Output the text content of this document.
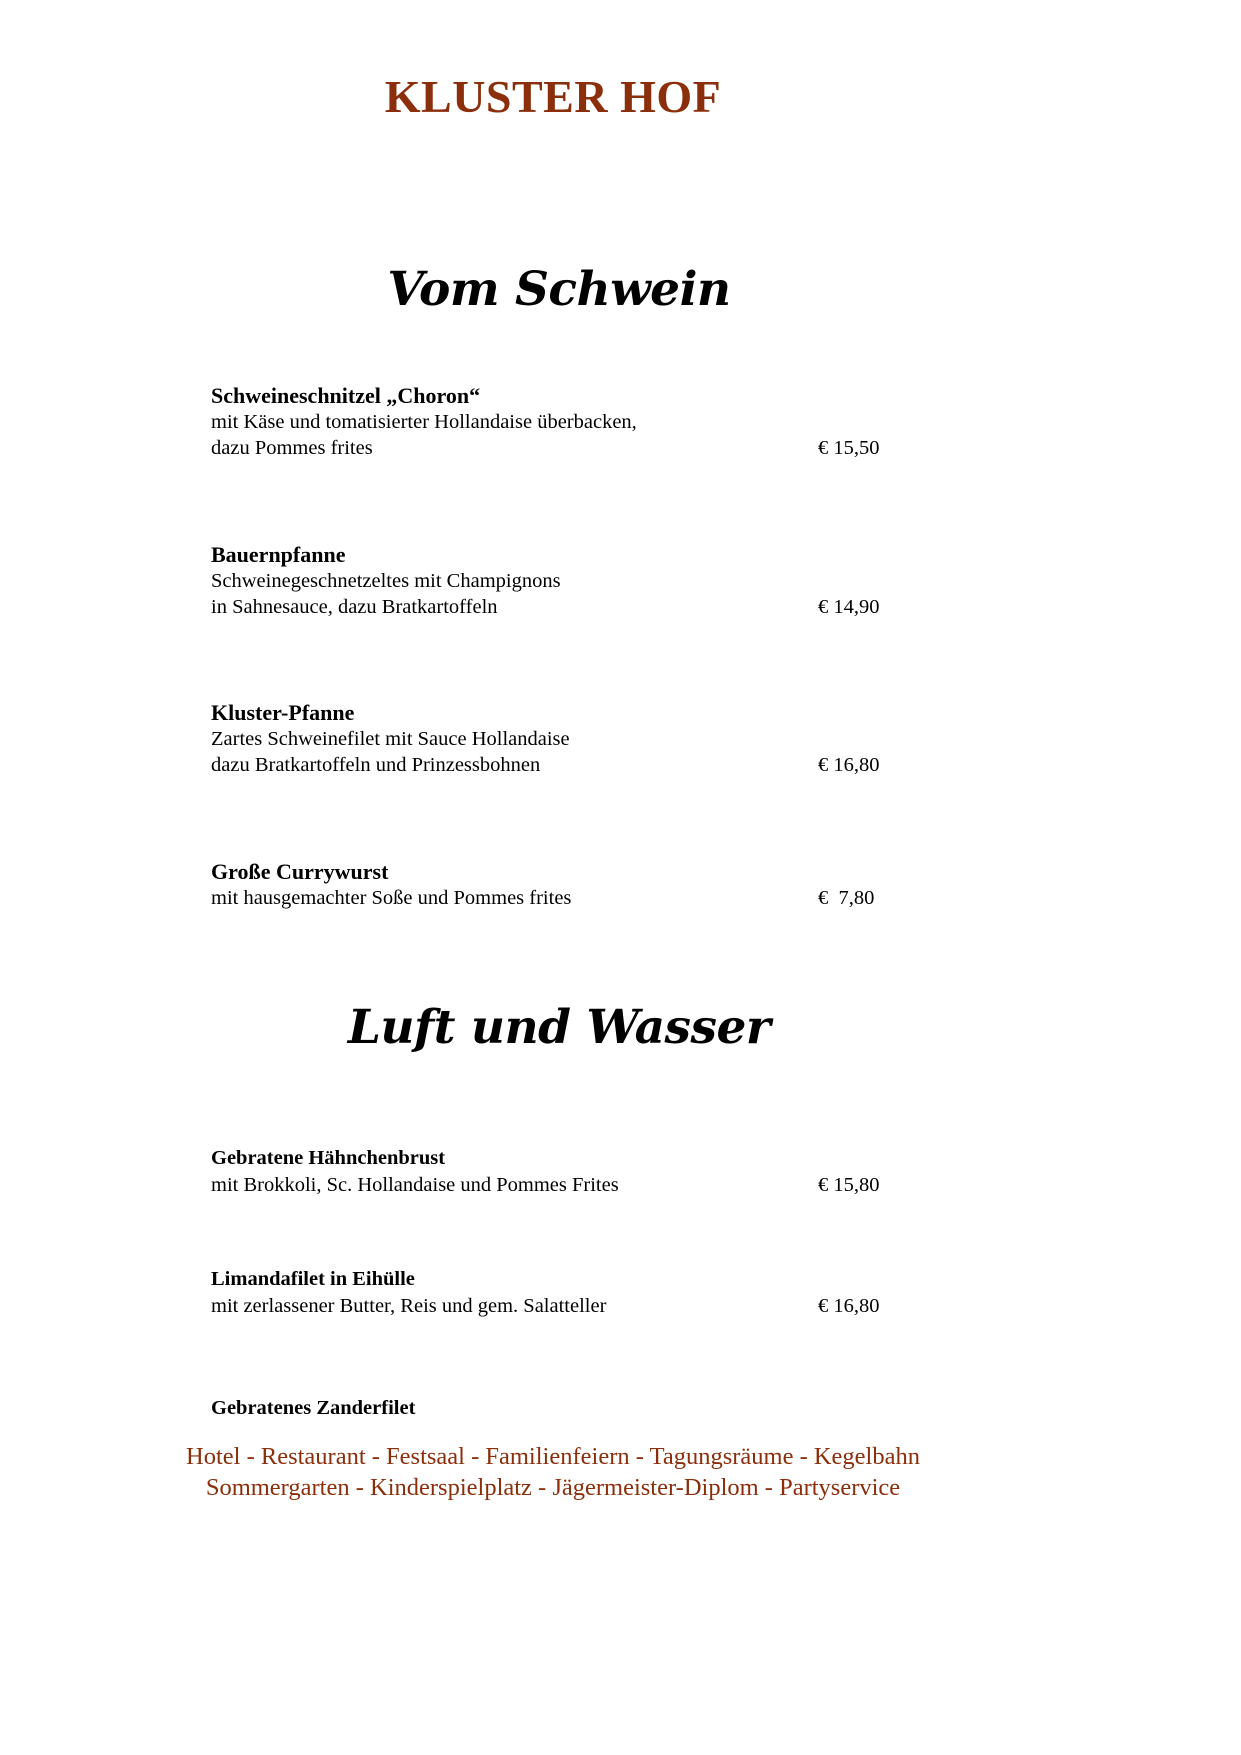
KLUSTER HOF
Vom Schwein
Schweineschnitzel „Choron“
mit Käse und tomatisierter Hollandaise überbacken,
dazu Pommes frites	€ 15,50
Bauernpfanne
Schweinegeschnetzeltes mit Champignons
in Sahnesauce, dazu Bratkartoffeln	€ 14,90
Kluster-Pfanne
Zartes Schweinefilet mit Sauce Hollandaise
dazu Bratkartoffeln und Prinzessbohnen	€ 16,80
Große Currywurst
mit hausgemachter Soße und Pommes frites	€  7,80
Luft und Wasser
Gebratene Hähnchenbrust
mit Brokkoli, Sc. Hollandaise und Pommes Frites	€ 15,80
Limandafilet in Eihülle
mit zerlassener Butter, Reis und gem. Salatteller	€ 16,80
Gebratenes Zanderfilet
Hotel - Restaurant - Festsaal - Familienfeiern - Tagungsräume - Kegelbahn
Sommergarten - Kinderspielplatz - Jägermeister-Diplom - Partyservice
